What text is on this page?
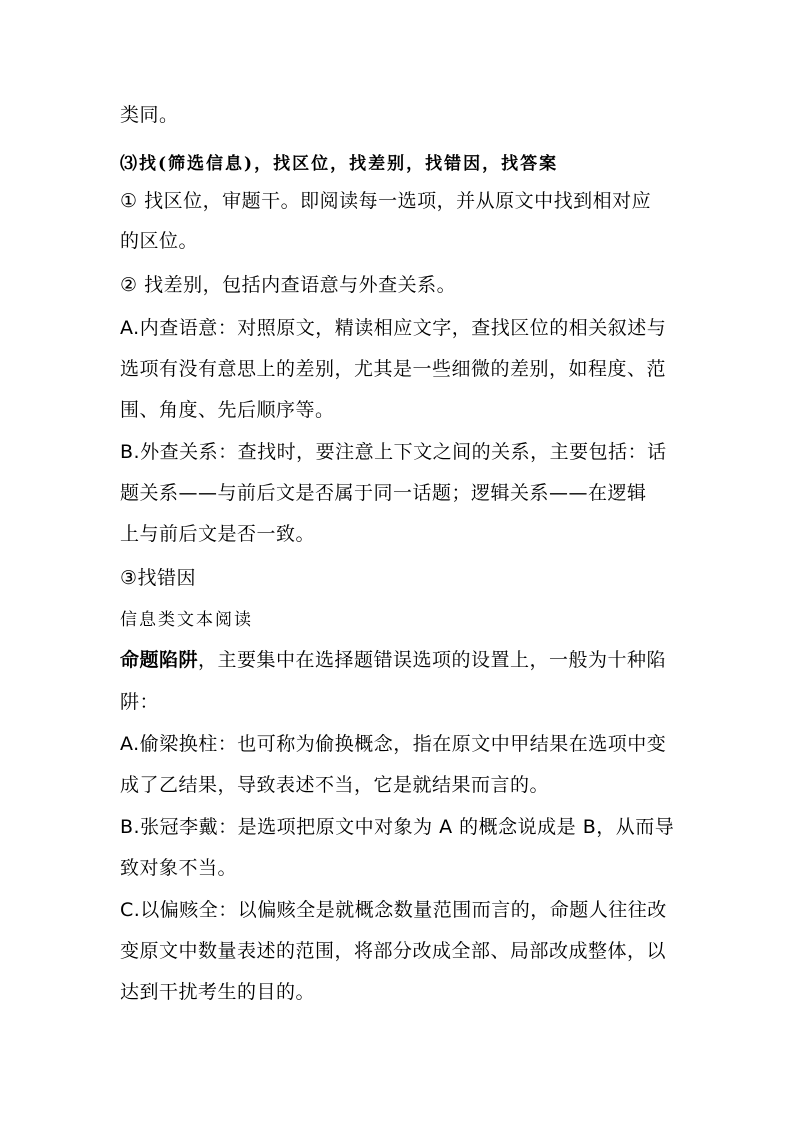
类同。
⑶找(筛选信息)，找区位，找差别，找错因，找答案
① 找区位，审题干。即阅读每一选项，并从原文中找到相对应
的区位。
② 找差别，包括内查语意与外查关系。
A.内查语意：对照原文，精读相应文字，查找区位的相关叙述与
选项有没有意思上的差别，尤其是一些细微的差别，如程度、范
围、角度、先后顺序等。
B.外查关系：查找时，要注意上下文之间的关系，主要包括：话
题关系——与前后文是否属于同一话题；逻辑关系——在逻辑
上与前后文是否一致。
③找错因
信息类文本阅读
命题陷阱，主要集中在选择题错误选项的设置上，一般为十种陷
阱：
A.偷梁换柱：也可称为偷换概念，指在原文中甲结果在选项中变
成了乙结果，导致表述不当，它是就结果而言的。
B.张冠李戴：是选项把原文中对象为 A 的概念说成是 B，从而导
致对象不当。
C.以偏赅全：以偏赅全是就概念数量范围而言的，命题人往往改
变原文中数量表述的范围，将部分改成全部、局部改成整体，以
达到干扰考生的目的。
